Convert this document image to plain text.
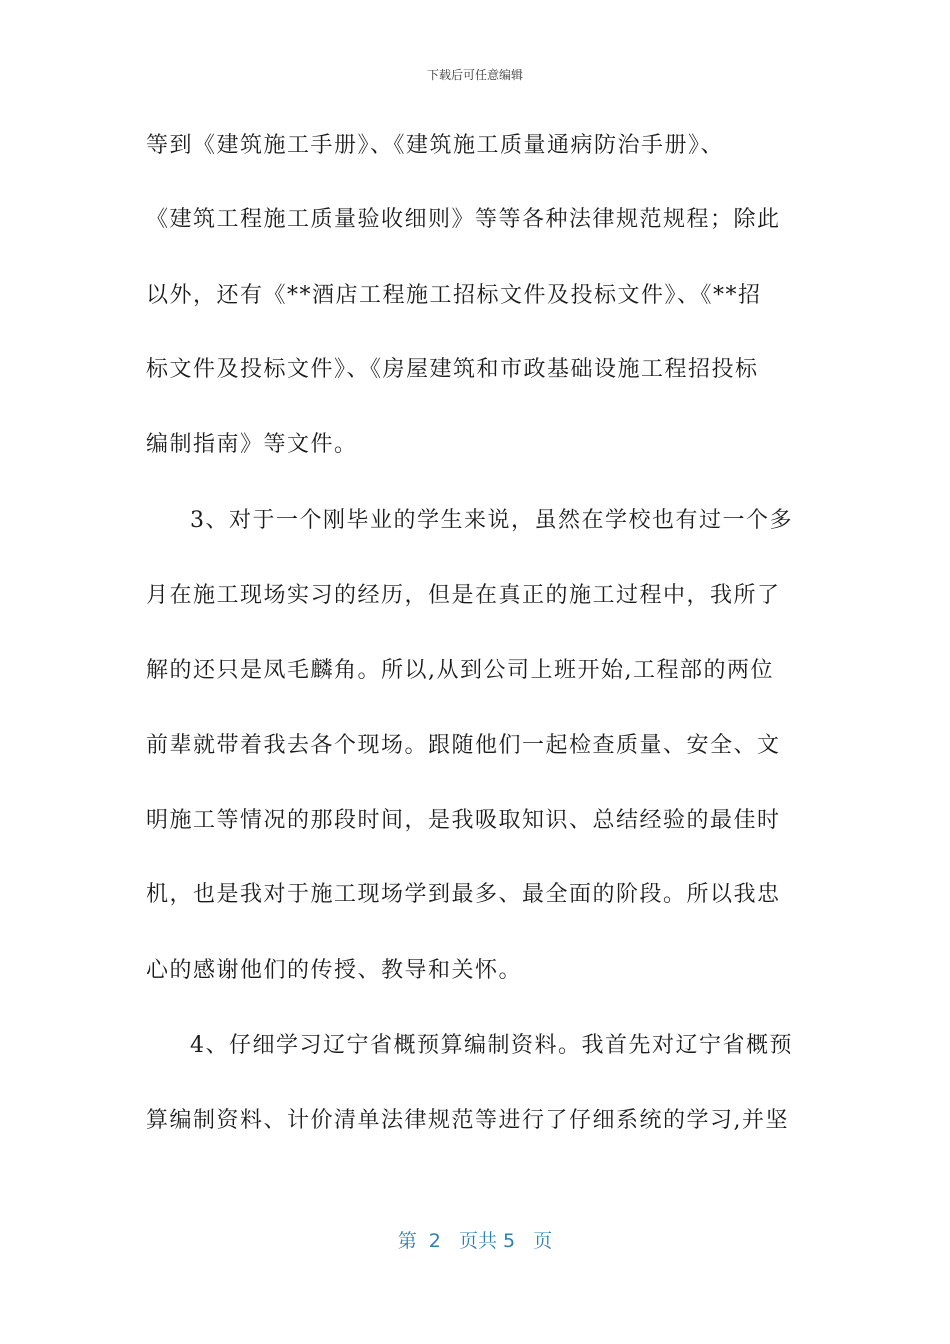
下载后可任意编辑
等到《建筑施工手册》、《建筑施工质量通病防治手册》、
《建筑工程施工质量验收细则》等等各种法律规范规程；除此
以外，还有《**酒店工程施工招标文件及投标文件》、《**招
标文件及投标文件》、《房屋建筑和市政基础设施工程招投标
编制指南》等文件。
3、对于一个刚毕业的学生来说，虽然在学校也有过一个多
月在施工现场实习的经历，但是在真正的施工过程中，我所了
解的还只是凤毛麟角。所以,从到公司上班开始,工程部的两位
前辈就带着我去各个现场。跟随他们一起检查质量、安全、文
明施工等情况的那段时间，是我吸取知识、总结经验的最佳时
机，也是我对于施工现场学到最多、最全面的阶段。所以我忠
心的感谢他们的传授、教导和关怀。
4、仔细学习辽宁省概预算编制资料。我首先对辽宁省概预
算编制资料、计价清单法律规范等进行了仔细系统的学习,并坚
第  2   页共 5   页
